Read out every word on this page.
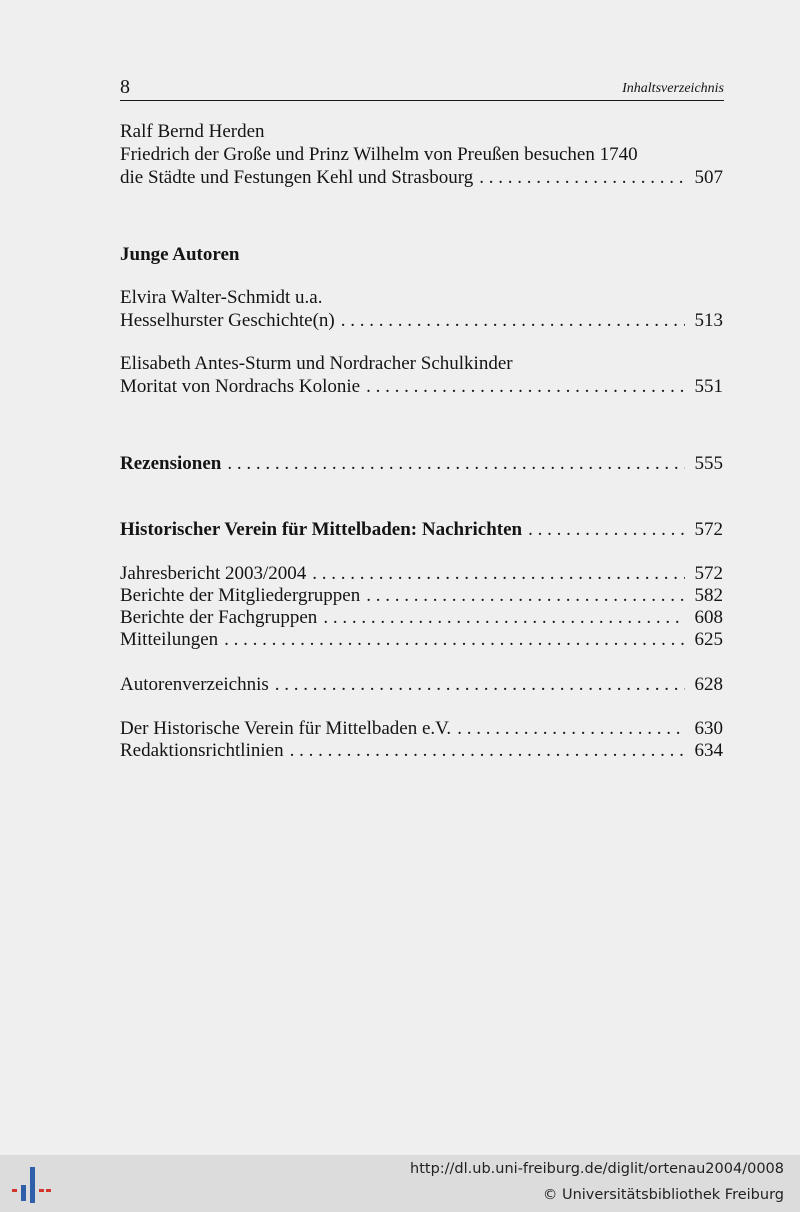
8	Inhaltsverzeichnis
Ralf Bernd Herden
Friedrich der Große und Prinz Wilhelm von Preußen besuchen 1740
die Städte und Festungen Kehl und Strasbourg . . .	507
Junge Autoren
Elvira Walter-Schmidt u.a.
Hesselhurster Geschichte(n) . . .	513
Elisabeth Antes-Sturm und Nordracher Schulkinder
Moritat von Nordrachs Kolonie . . .	551
Rezensionen . . .	555
Historischer Verein für Mittelbaden: Nachrichten . . .	572
Jahresbericht 2003/2004 . . .	572
Berichte der Mitgliedergruppen . . .	582
Berichte der Fachgruppen . . .	608
Mitteilungen . . .	625
Autorenverzeichnis . . .	628
Der Historische Verein für Mittelbaden e.V. . . .	630
Redaktionsrichtlinien . . .	634
http://dl.ub.uni-freiburg.de/diglit/ortenau2004/0008
© Universitätsbibliothek Freiburg
